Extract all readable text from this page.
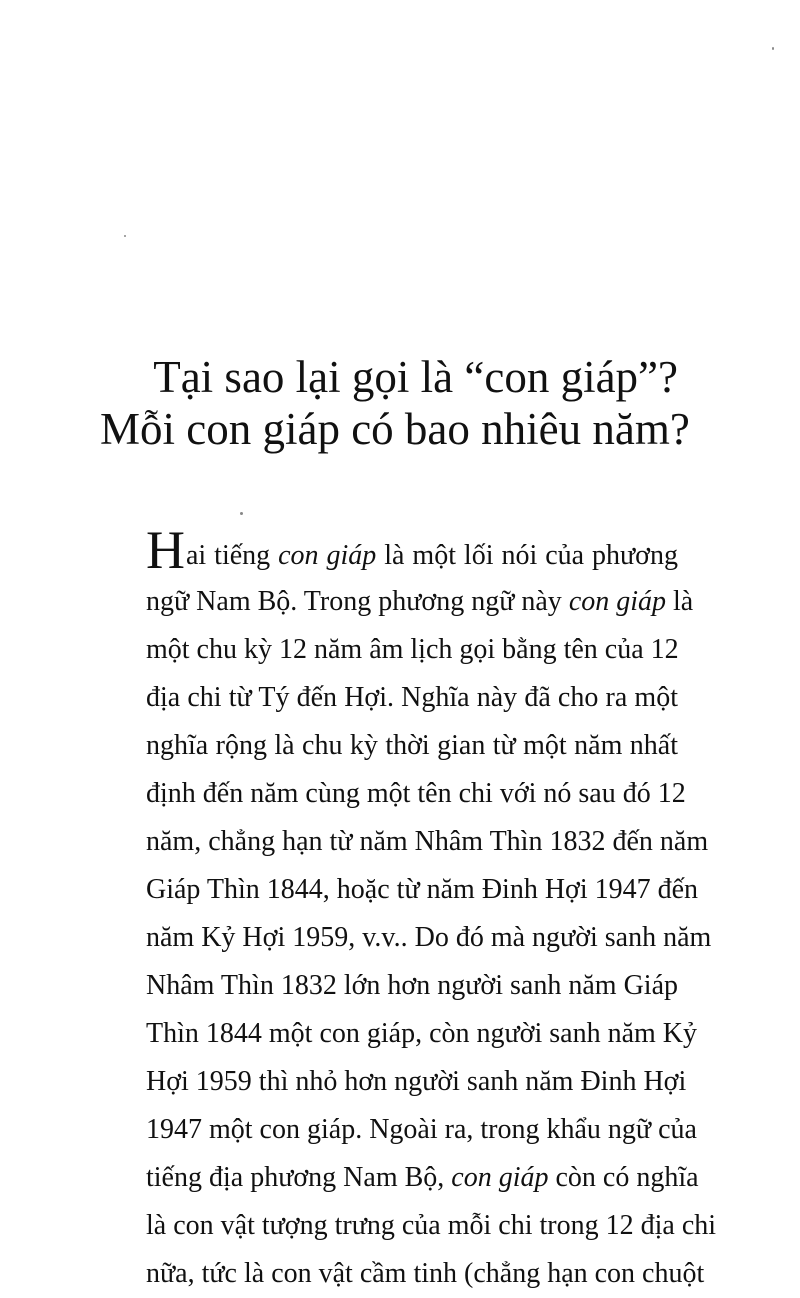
Tại sao lại gọi là “con giáp”?
Mỗi con giáp có bao nhiêu năm?
Hai tiếng con giáp là một lối nói của phương
ngữ Nam Bộ. Trong phương ngữ này con giáp là
một chu kỳ 12 năm âm lịch gọi bằng tên của 12
địa chi từ Tý đến Hợi. Nghĩa này đã cho ra một
nghĩa rộng là chu kỳ thời gian từ một năm nhất
định đến năm cùng một tên chi với nó sau đó 12
năm, chẳng hạn từ năm Nhâm Thìn 1832 đến năm
Giáp Thìn 1844, hoặc từ năm Đinh Hợi 1947 đến
năm Kỷ Hợi 1959, v.v.. Do đó mà người sanh năm
Nhâm Thìn 1832 lớn hơn người sanh năm Giáp
Thìn 1844 một con giáp, còn người sanh năm Kỷ
Hợi 1959 thì nhỏ hơn người sanh năm Đinh Hợi
1947 một con giáp. Ngoài ra, trong khẩu ngữ của
tiếng địa phương Nam Bộ, con giáp còn có nghĩa
là con vật tượng trưng của mỗi chi trong 12 địa chi
nữa, tức là con vật cầm tinh (chẳng hạn con chuột
